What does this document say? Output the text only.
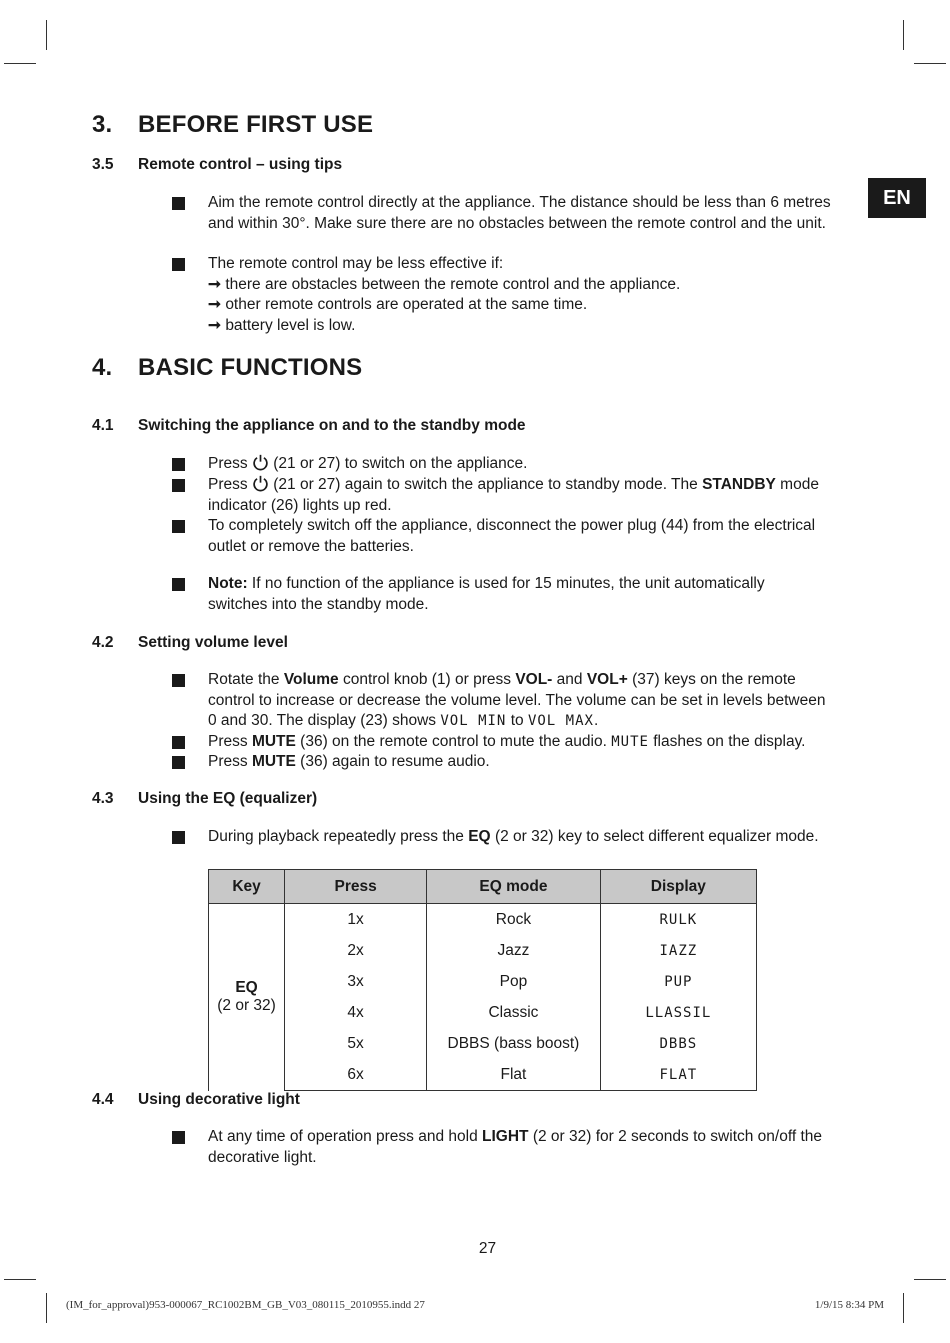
EN
3. BEFORE FIRST USE
3.5 Remote control – using tips
Aim the remote control directly at the appliance. The distance should be less than 6 metres and within 30°. Make sure there are no obstacles between the remote control and the unit.
The remote control may be less effective if:
➞ there are obstacles between the remote control and the appliance.
➞ other remote controls are operated at the same time.
➞ battery level is low.
4. BASIC FUNCTIONS
4.1 Switching the appliance on and to the standby mode
Press (21 or 27) to switch on the appliance.
Press (21 or 27) again to switch the appliance to standby mode. The STANDBY mode indicator (26) lights up red.
To completely switch off the appliance, disconnect the power plug (44) from the electrical outlet or remove the batteries.
Note: If no function of the appliance is used for 15 minutes, the unit automatically switches into the standby mode.
4.2 Setting volume level
Rotate the Volume control knob (1) or press VOL- and VOL+ (37) keys on the remote control to increase or decrease the volume level. The volume can be set in levels between 0 and 30. The display (23) shows VOL MIN to VOL MAX.
Press MUTE (36) on the remote control to mute the audio. MUTE flashes on the display.
Press MUTE (36) again to resume audio.
4.3 Using the EQ (equalizer)
During playback repeatedly press the EQ (2 or 32) key to select different equalizer mode.
Key	Press	EQ mode	Display
EQ
(2 or 32)	1x	Rock	RULK
	2x	Jazz	IAZZ
	3x	Pop	PUP
	4x	Classic	LLASSIL
	5x	DBBS (bass boost)	DBBS
	6x	Flat	FLAT
4.4 Using decorative light
At any time of operation press and hold LIGHT (2 or 32) for 2 seconds to switch on/off the decorative light.
27
(IM_for_approval)953-000067_RC1002BM_GB_V03_080115_2010955.indd 27	1/9/15 8:34 PM
